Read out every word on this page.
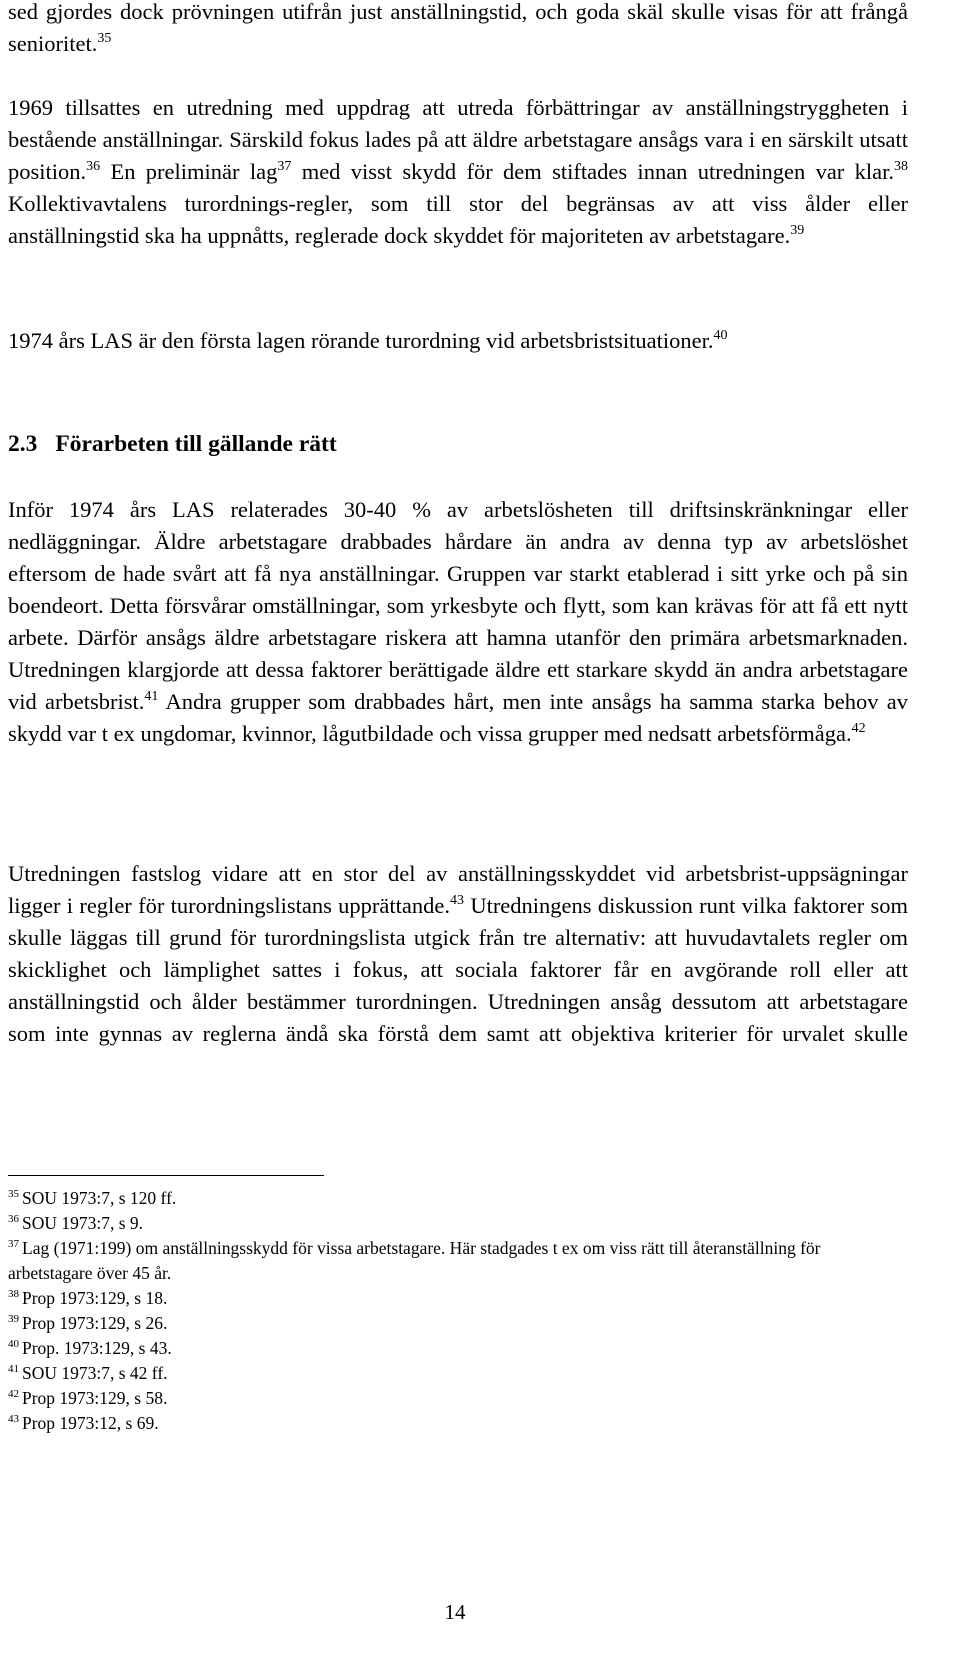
sed gjordes dock prövningen utifrån just anställningstid, och goda skäl skulle visas för att frångå senioritet.$^{35}$

1969 tillsattes en utredning med uppdrag att utreda förbättringar av anställningstryggheten i bestående anställningar. Särskild fokus lades på att äldre arbetstagare ansågs vara i en särskilt utsatt position.$^{36}$ En preliminär lag$^{37}$ med visst skydd för dem stiftades innan utredningen var klar.$^{38}$ Kollektivavtalens turordnings-regler, som till stor del begränsas av att viss ålder eller anställningstid ska ha uppnåtts, reglerade dock skyddet för majoriteten av arbetstagare.$^{39}$

1974 års LAS är den första lagen rörande turordning vid arbetsbristsituationer.$^{40}$

2.3 Förarbeten till gällande rätt

Inför 1974 års LAS relaterades 30-40 % av arbetslösheten till driftsinskränkningar eller nedläggningar. Äldre arbetstagare drabbades hårdare än andra av denna typ av arbetslöshet eftersom de hade svårt att få nya anställningar. Gruppen var starkt etablerad i sitt yrke och på sin boendeort. Detta försvårar omställningar, som yrkesbyte och flytt, som kan krävas för att få ett nytt arbete. Därför ansågs äldre arbetstagare riskera att hamna utanför den primära arbetsmarknaden. Utredningen klargjorde att dessa faktorer berättigade äldre ett starkare skydd än andra arbetstagare vid arbetsbrist.$^{41}$ Andra grupper som drabbades hårt, men inte ansågs ha samma starka behov av skydd var t ex ungdomar, kvinnor, lågutbildade och vissa grupper med nedsatt arbetsförmåga.$^{42}$

Utredningen fastslog vidare att en stor del av anställningsskyddet vid arbetsbrist-uppsägningar ligger i regler för turordningslistans upprättande.$^{43}$ Utredningens diskussion runt vilka faktorer som skulle läggas till grund för turordningslista utgick från tre alternativ: att huvudavtalets regler om skicklighet och lämplighet sattes i fokus, att sociala faktorer får en avgörande roll eller att anställningstid och ålder bestämmer turordningen. Utredningen ansåg dessutom att arbetstagare som inte gynnas av reglerna ändå ska förstå dem samt att objektiva kriterier för urvalet skulle

$^{35}$ SOU 1973:7, s 120 ff.

$^{36}$ SOU 1973:7, s 9.

$^{37}$ Lag (1971:199) om anställningsskydd för vissa arbetstagare. Här stadgades t ex om viss rätt till återanställning för arbetstagare över 45 år.

$^{38}$ Prop 1973:129, s 18.

$^{39}$ Prop 1973:129, s 26.

$^{40}$ Prop. 1973:129, s 43.

$^{41}$ SOU 1973:7, s 42 ff.

$^{42}$ Prop 1973:129, s 58.

$^{43}$ Prop 1973:12, s 69.

14
